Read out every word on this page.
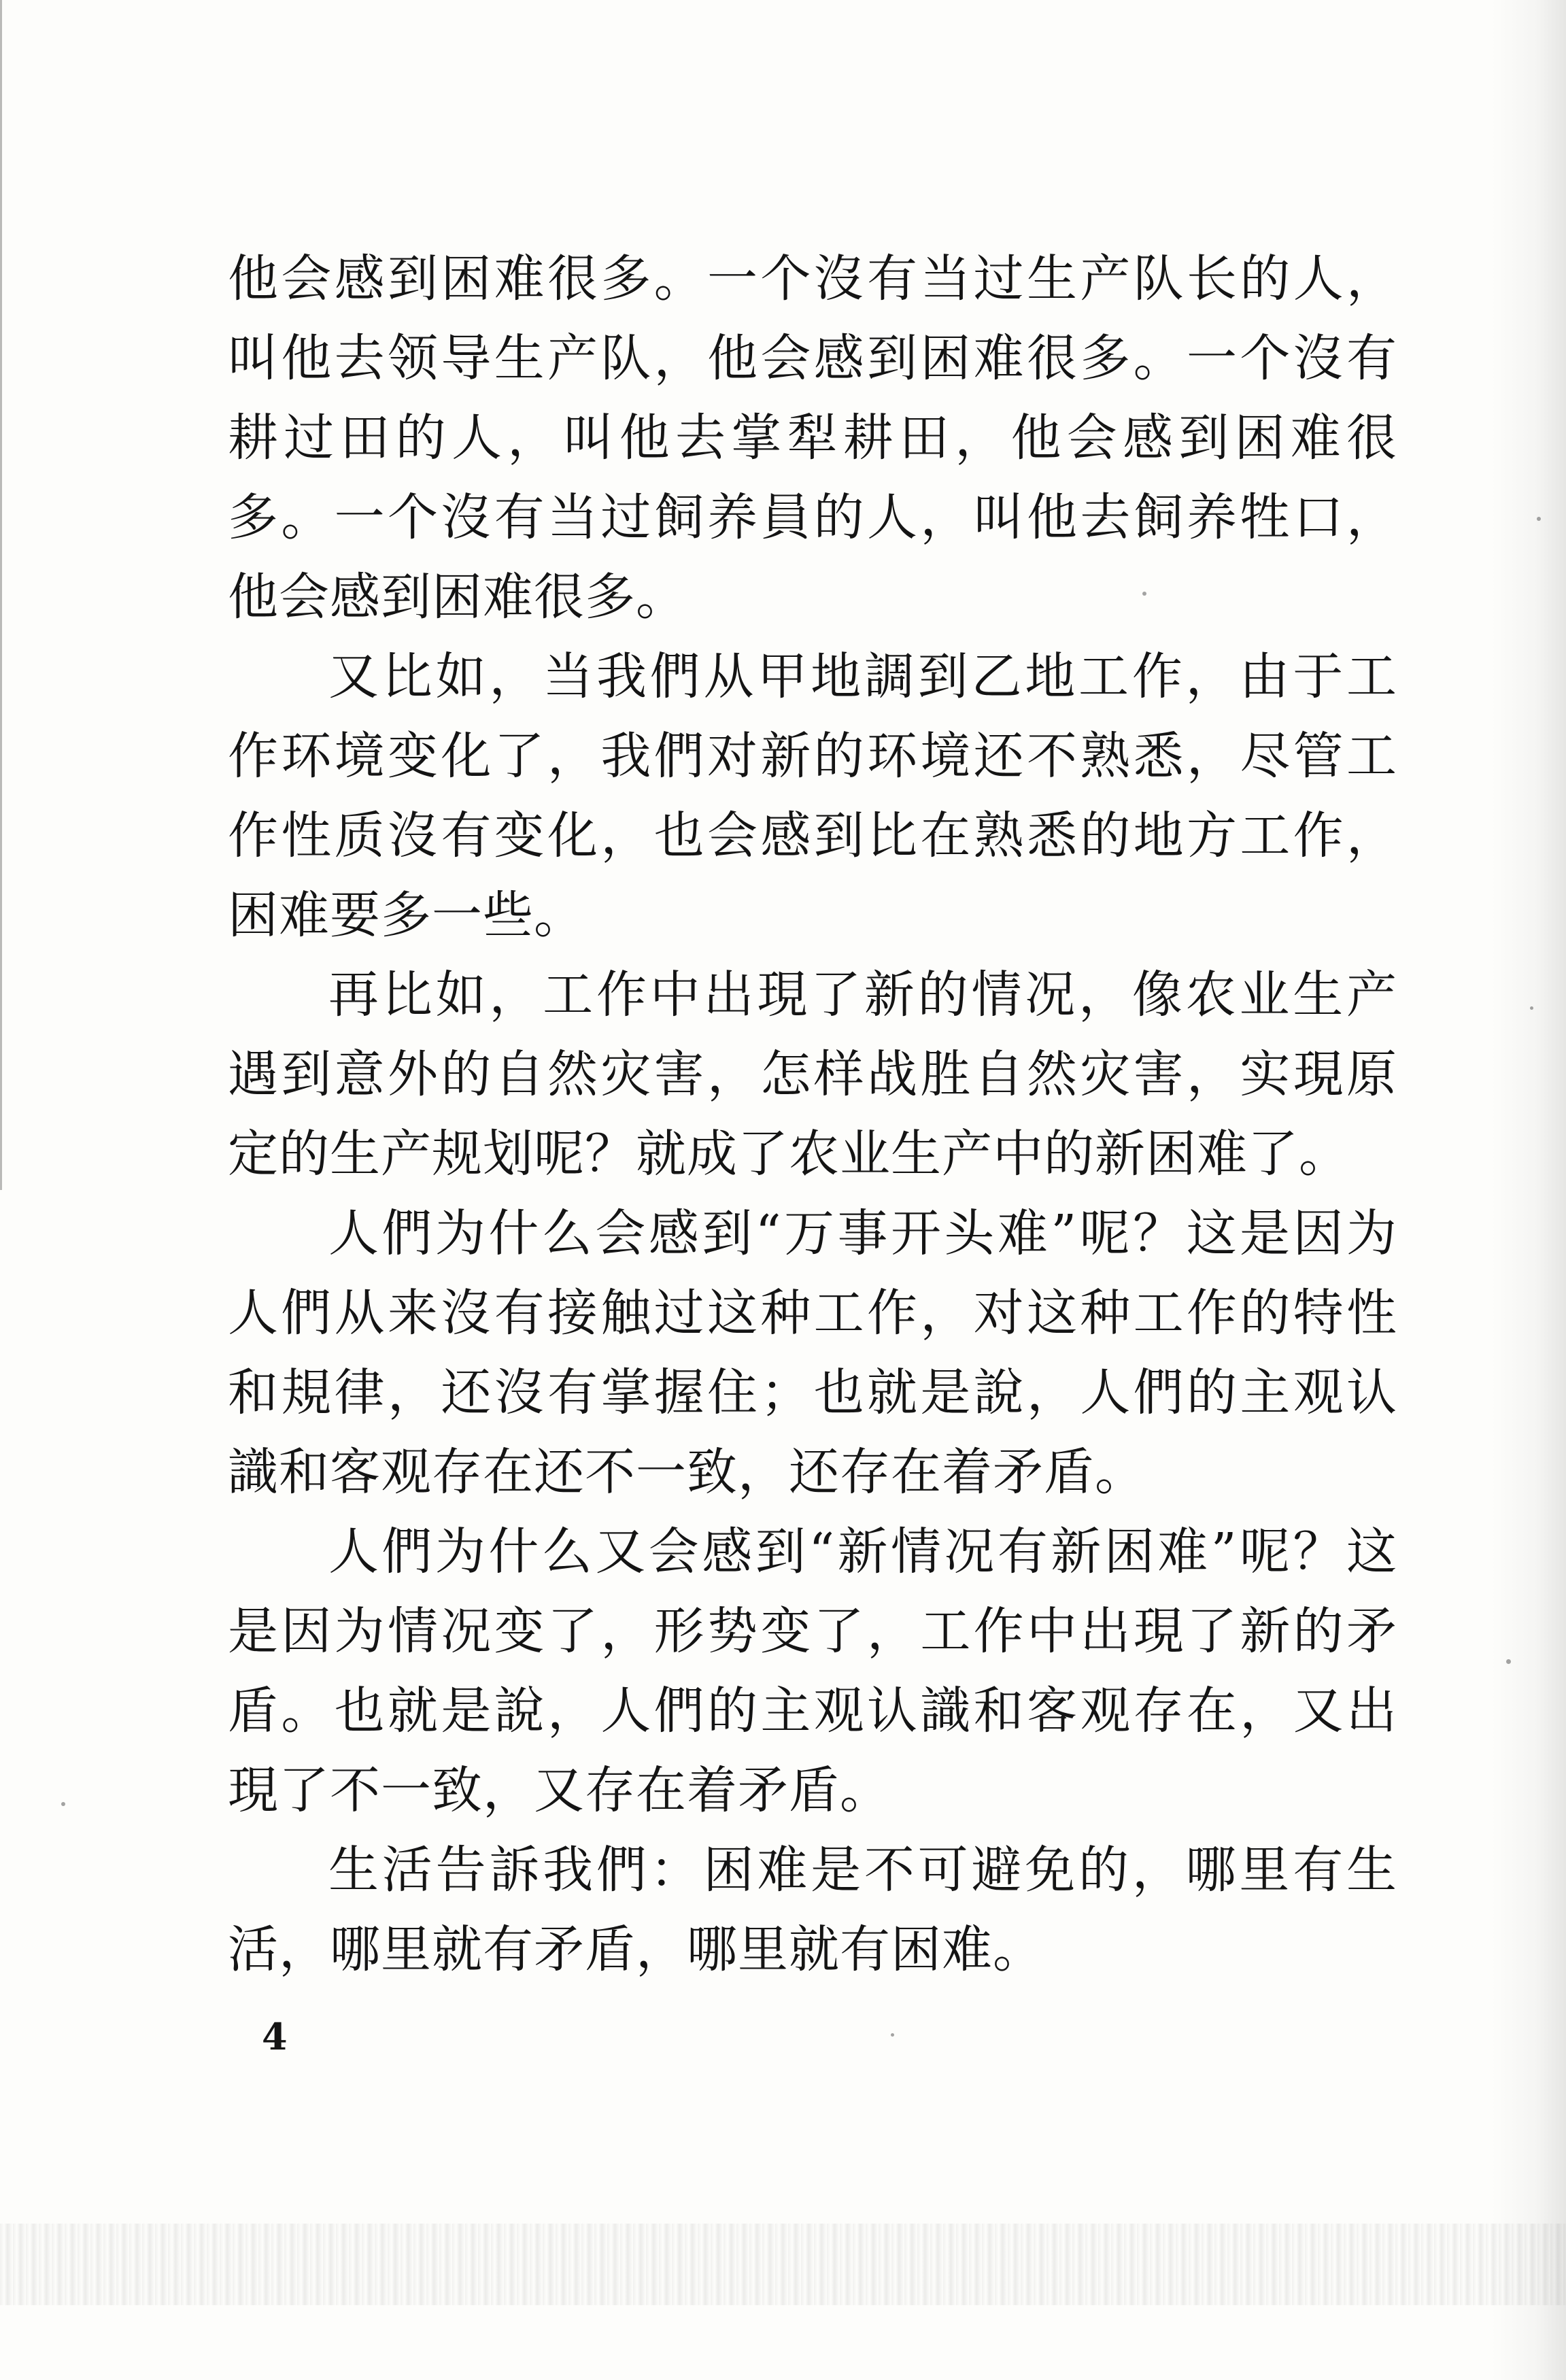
他会感到困难很多。一个沒有当过生产队长的人，叫他去领导生产队，他会感到困难很多。一个沒有耕过田的人，叫他去掌犁耕田，他会感到困难很多。一个沒有当过飼养員的人，叫他去飼养牲口，他会感到困难很多。

又比如，当我們从甲地調到乙地工作，由于工作环境变化了，我們对新的环境还不熟悉，尽管工作性质沒有变化，也会感到比在熟悉的地方工作，困难要多一些。

再比如，工作中出現了新的情况，像农业生产遇到意外的自然灾害，怎样战胜自然灾害，实現原定的生产规划呢？就成了农业生产中的新困难了。

人們为什么会感到“万事开头难”呢？这是因为人們从来沒有接触过这种工作，对这种工作的特性和規律，还沒有掌握住；也就是說，人們的主观认識和客观存在还不一致，还存在着矛盾。

人們为什么又会感到“新情况有新困难”呢？这是因为情况变了，形势变了，工作中出現了新的矛盾。也就是說，人們的主观认識和客观存在，又出現了不一致，又存在着矛盾。

生活告訴我們：困难是不可避免的，哪里有生活，哪里就有矛盾，哪里就有困难。

4
